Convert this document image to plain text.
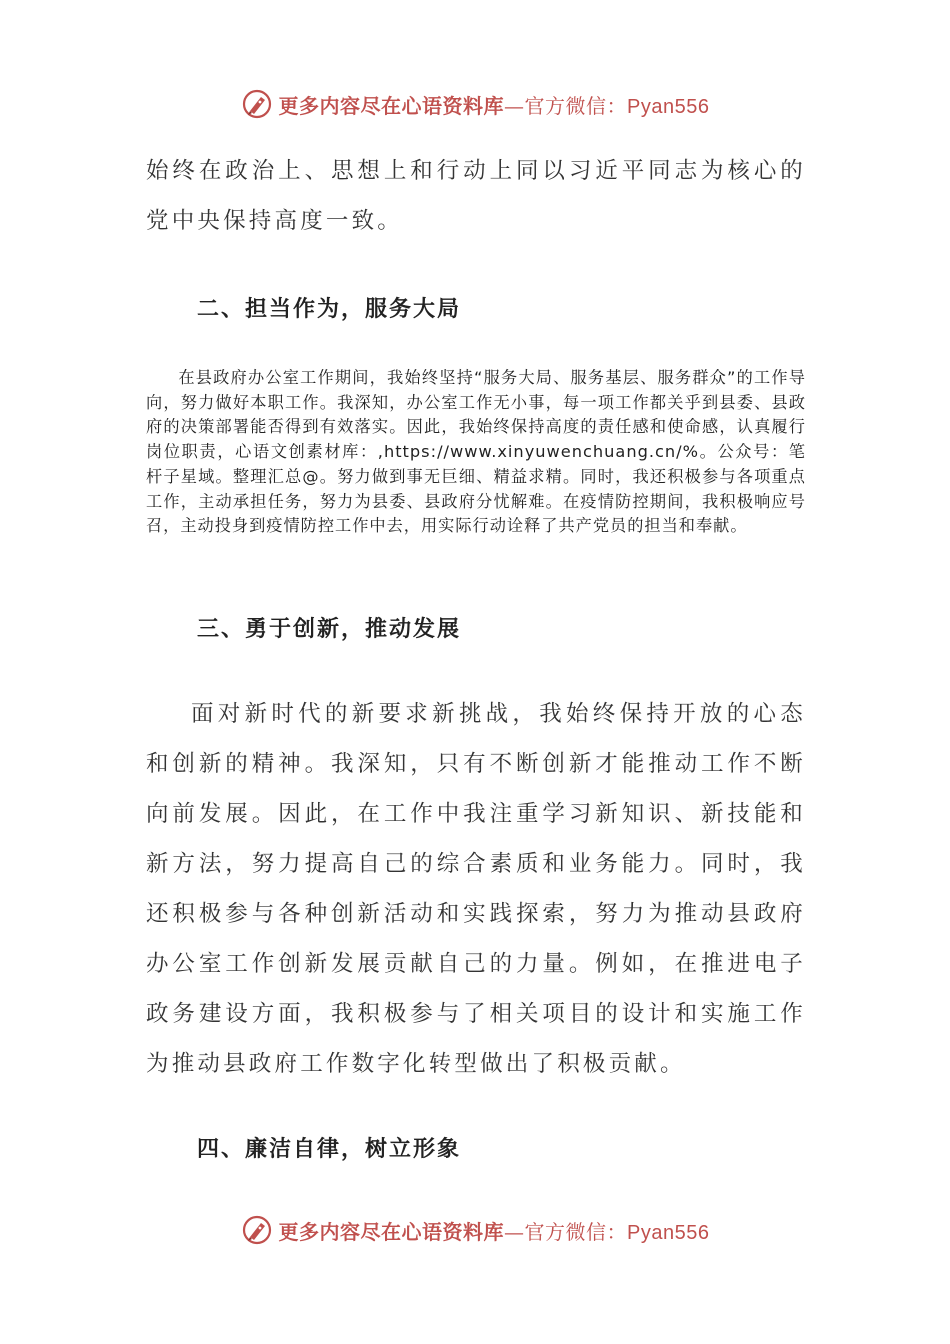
更多内容尽在心语资料库—官方微信：Pyan556

始终在政治上、思想上和行动上同以习近平同志为核心的党中央保持高度一致。

二、担当作为，服务大局

在县政府办公室工作期间，我始终坚持“服务大局、服务基层、服务群众”的工作导向，努力做好本职工作。我深知，办公室工作无小事，每一项工作都关乎到县委、县政府的决策部署能否得到有效落实。因此，我始终保持高度的责任感和使命感，认真履行岗位职责，心语文创素材库：,https://www.xinyuwenchuang.cn/%。公众号：笔杆子星域。整理汇总@。努力做到事无巨细、精益求精。同时，我还积极参与各项重点工作，主动承担任务，努力为县委、县政府分忧解难。在疫情防控期间，我积极响应号召，主动投身到疫情防控工作中去，用实际行动诠释了共产党员的担当和奉献。

三、勇于创新，推动发展

面对新时代的新要求新挑战，我始终保持开放的心态和创新的精神。我深知，只有不断创新才能推动工作不断向前发展。因此，在工作中我注重学习新知识、新技能和新方法，努力提高自己的综合素质和业务能力。同时，我还积极参与各种创新活动和实践探索，努力为推动县政府办公室工作创新发展贡献自己的力量。例如，在推进电子政务建设方面，我积极参与了相关项目的设计和实施工作为推动县政府工作数字化转型做出了积极贡献。

四、廉洁自律，树立形象
更多内容尽在心语资料库—官方微信：Pyan556
